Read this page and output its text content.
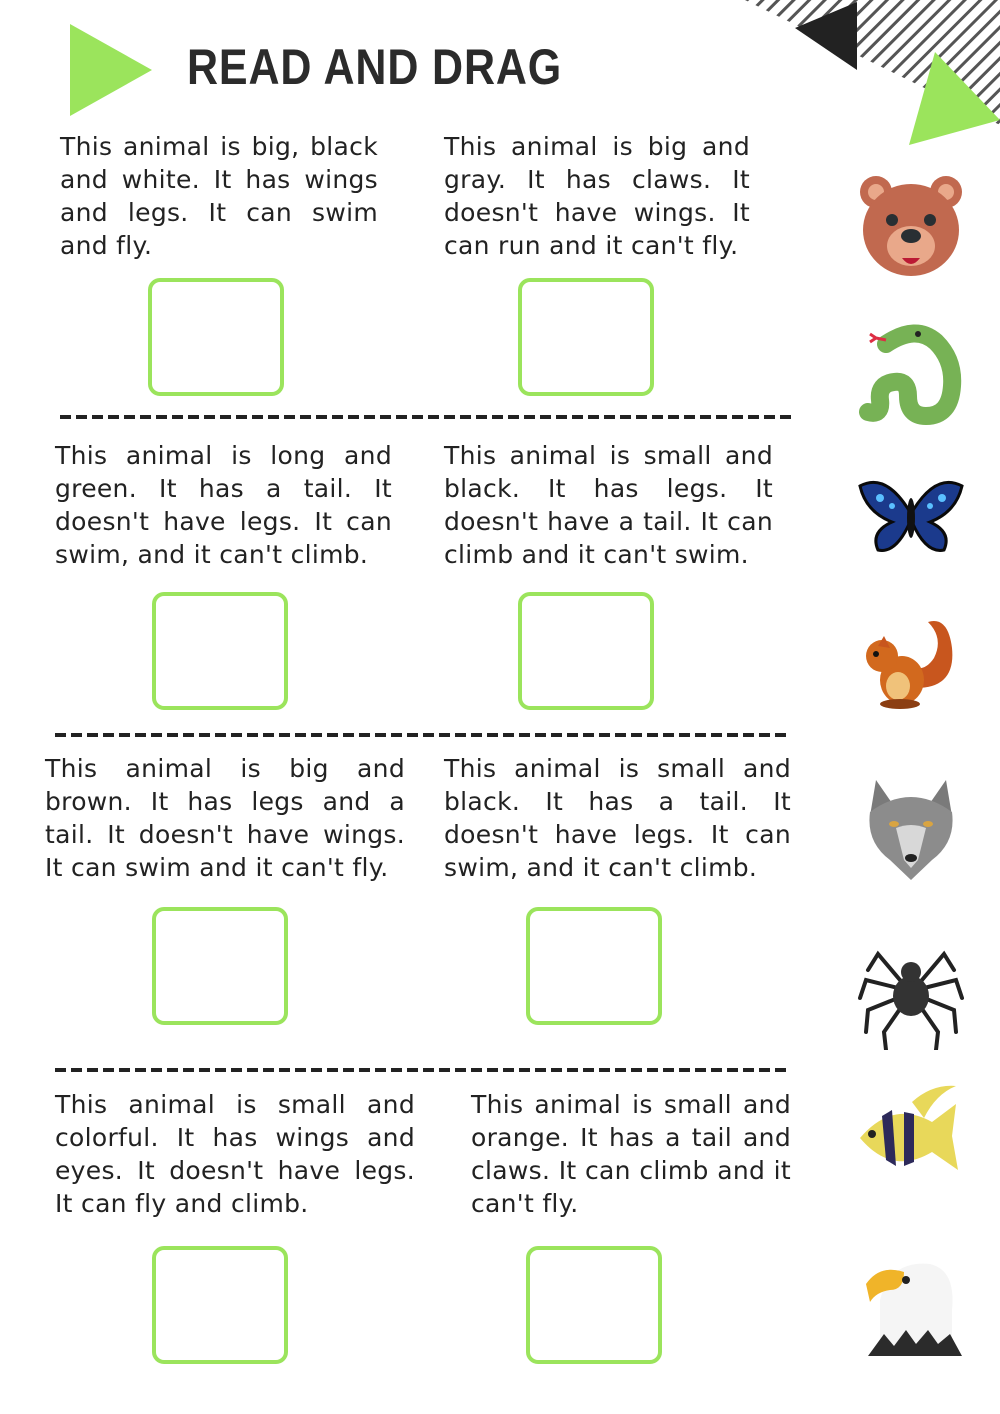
READ AND DRAG
This animal is big, black and white. It has wings and legs. It can swim and fly.
This animal is big and gray. It has claws. It doesn't have wings. It can run and it can't fly.
This animal is long and green. It has a tail. It doesn't have legs. It can swim, and it can't climb.
This animal is small and black. It has legs. It doesn't have a tail. It can climb and it can't swim.
This animal is big and brown. It has legs and a tail. It doesn't have wings. It can swim and it can't fly.
This animal is small and black. It has a tail. It doesn't have legs. It can swim, and it can't climb.
This animal is small and colorful. It has wings and eyes. It doesn't have legs. It can fly and climb.
This animal is small and orange. It has a tail and claws. It can climb and it can't fly.
